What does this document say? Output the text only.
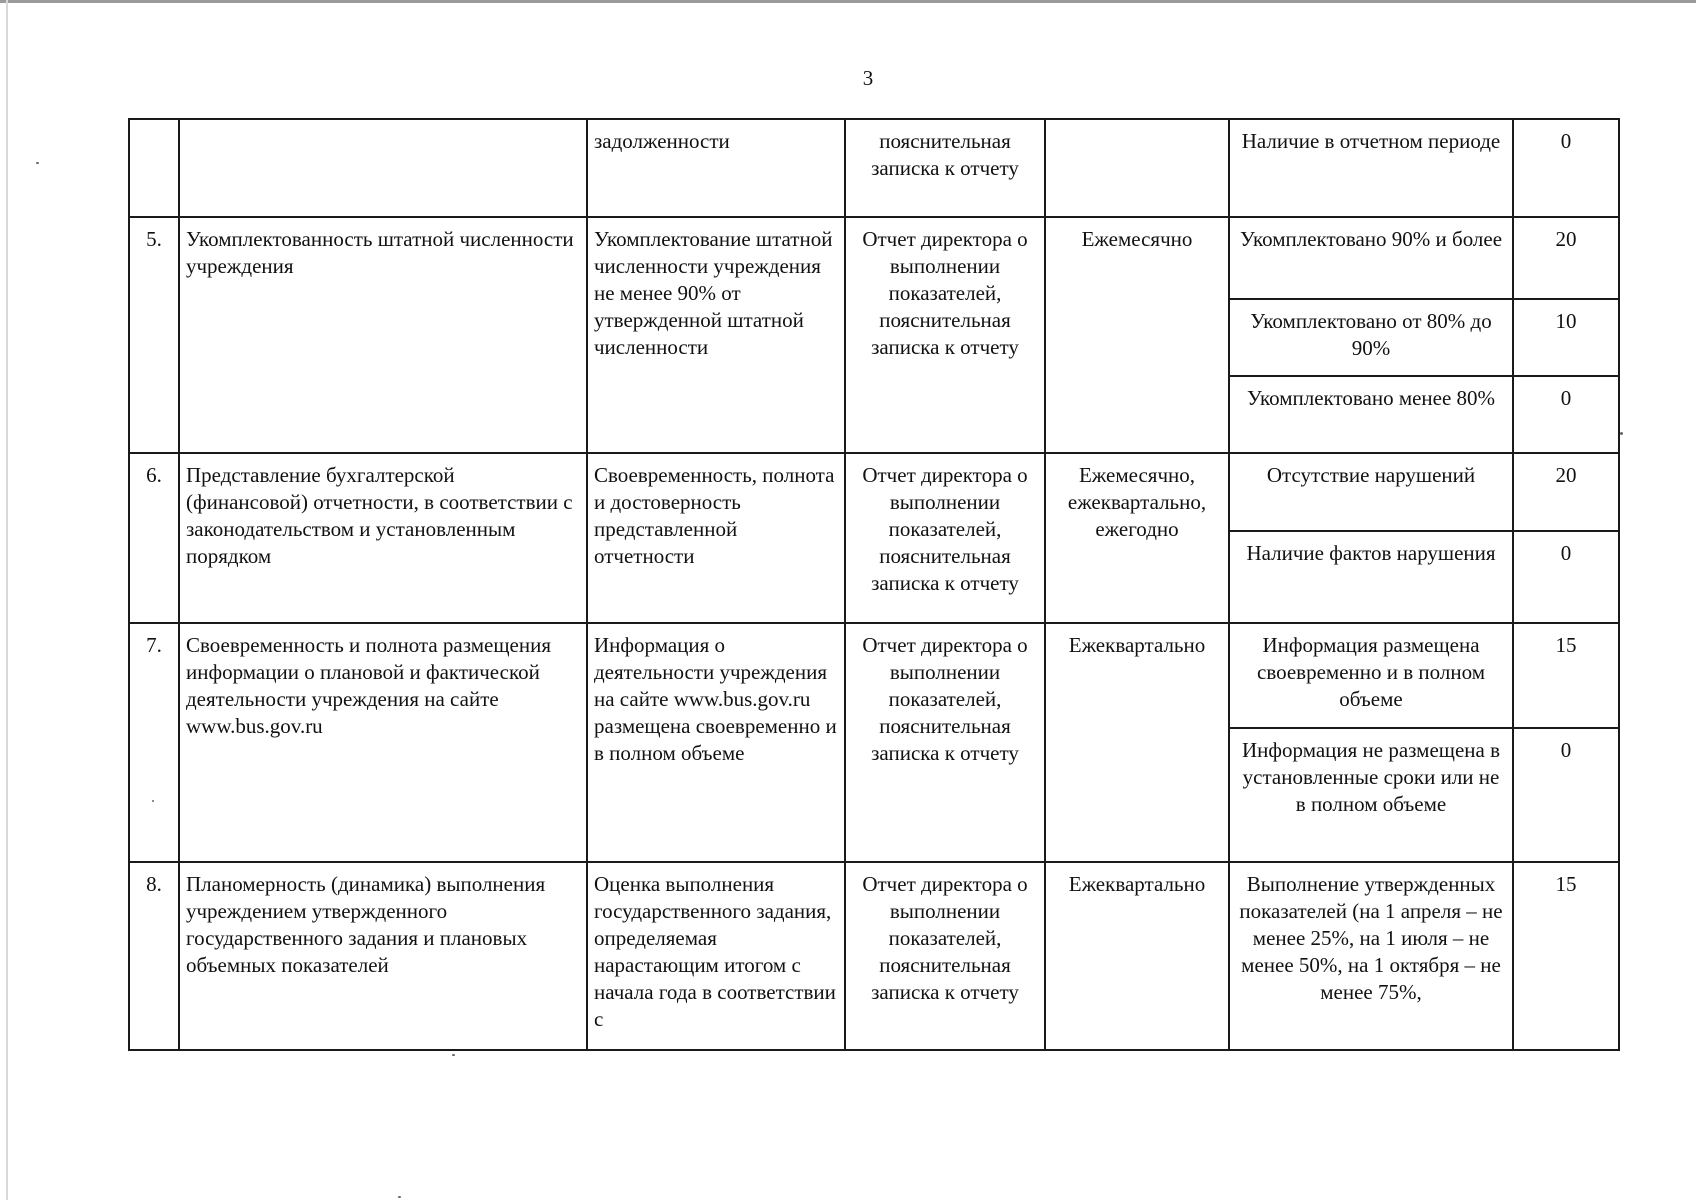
3
		задолженности	пояснительная записка к отчету		Наличие в отчетном периоде	0
5.	Укомплектованность штатной численности учреждения	Укомплектование штатной численности учреждения не менее 90% от утвержденной штатной численности	Отчет директора о выполнении показателей, пояснительная записка к отчету	Ежемесячно	Укомплектовано 90% и более	20
					Укомплектовано от 80% до 90%	10
					Укомплектовано менее 80%	0
6.	Представление бухгалтерской (финансовой) отчетности, в соответствии с законодательством и установленным порядком	Своевременность, полнота и достоверность представленной отчетности	Отчет директора о выполнении показателей, пояснительная записка к отчету	Ежемесячно, ежеквартально, ежегодно	Отсутствие нарушений	20
					Наличие фактов нарушения	0
7.	Своевременность и полнота размещения информации о плановой и фактической деятельности учреждения на сайте www.bus.gov.ru	Информация о деятельности учреждения на сайте www.bus.gov.ru размещена своевременно и в полном объеме	Отчет директора о выполнении показателей, пояснительная записка к отчету	Ежеквартально	Информация размещена своевременно и в полном объеме	15
					Информация не размещена в установленные сроки или не в полном объеме	0
8.	Планомерность (динамика) выполнения учреждением утвержденного государственного задания и плановых объемных показателей	Оценка выполнения государственного задания, определяемая нарастающим итогом с начала года в соответствии с	Отчет директора о выполнении показателей, пояснительная записка к отчету	Ежеквартально	Выполнение утвержденных показателей (на 1 апреля – не менее 25%, на 1 июля – не менее 50%, на 1 октября – не менее 75%,	15
